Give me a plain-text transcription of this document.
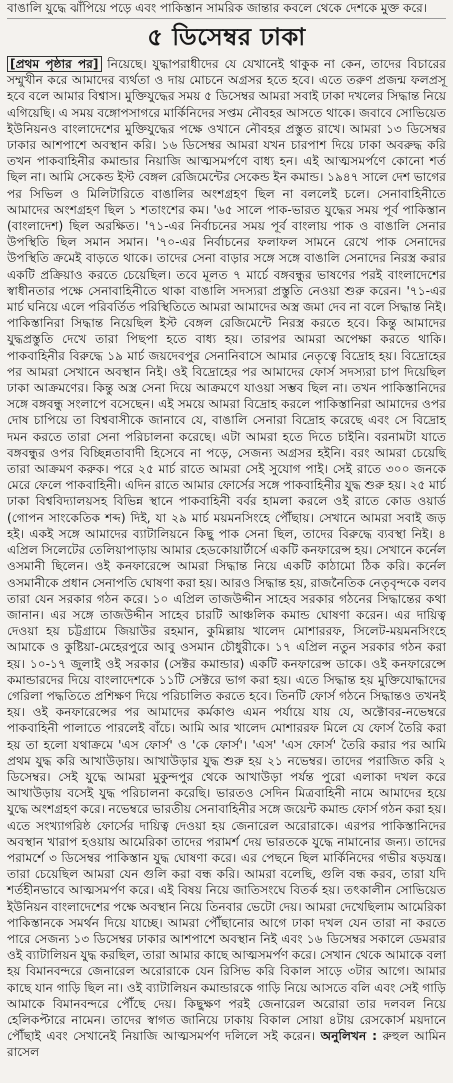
বাঙালি যুদ্ধে ঝাঁপিয়ে পড়ে এবং পাকিস্তান সামরিক জান্তার কবলে থেকে দেশকে মুক্ত করে।
৫ ডিসেম্বর ঢাকা
[প্রথম পৃষ্ঠার পর] নিয়েছে। যুদ্ধাপরাধীদের যে যেখানেই থাকুক না কেন, তাদের বিচারের সম্মুখীন করে আমাদের ব্যর্থতা ও দায় মোচনে অগ্রসর হতে হবে। এতে তরুণ প্রজন্ম ফলপ্রসূ হবে বলে আমার বিশ্বাস। মুক্তিযুদ্ধের সময় ৫ ডিসেম্বর আমরা সবাই ঢাকা দখলের সিদ্ধান্ত নিয়ে এগিয়েছি। এ সময় বঙ্গোপসাগরে মার্কিনিদের সপ্তম নৌবহর আসতে থাকে। জবাবে সোভিয়েত ইউনিয়নও বাংলাদেশের মুক্তিযুদ্ধের পক্ষে ওখানে নৌবহর প্রস্তুত রাখে। আমরা ১৩ ডিসেম্বর ঢাকার আশপাশে অবস্থান করি। ১৬ ডিসেম্বর আমরা যখন চারপাশ দিয়ে ঢাকা অবরুদ্ধ করি তখন পাকবাহিনীর কমান্ডার নিয়াজি আত্মসমর্পণে বাধ্য হন। এই আত্মসমর্পণে কোনো শর্ত ছিল না। আমি সেকেন্ড ইস্ট বেঙ্গল রেজিমেন্টের সেকেন্ড ইন কমান্ড। ১৯৪৭ সালে দেশ ভাগের পর সিভিল ও মিলিটারিতে বাঙালির অংশগ্রহণ ছিল না বললেই চলে। সেনাবাহিনীতে আমাদের অংশগ্রহণ ছিল ১ শতাংশের কম। '৬৫ সালে পাক-ভারত যুদ্ধের সময় পূর্ব পাকিস্তান (বাংলাদেশ) ছিল অরক্ষিত। '৭১-এর নির্বাচনের সময় পূর্ব বাংলায় পাক ও বাঙালি সেনার উপস্থিতি ছিল সমান সমান। '৭০-এর নির্বাচনের ফলাফল সামনে রেখে পাক সেনাদের উপস্থিতি ক্রমেই বাড়তে থাকে। তাদের সেনা বাড়ার সঙ্গে সঙ্গে বাঙালি সেনাদের নিরস্ত্র করার একটি প্রক্রিয়াও করতে চেয়েছিল। তবে মূলত ৭ মার্চে বঙ্গবন্ধুর ভাষণের পরই বাংলাদেশের স্বাধীনতার পক্ষে সেনাবাহিনীতে থাকা বাঙালি সদস্যরা প্রস্তুতি নেওয়া শুরু করেন। '৭১-এর মার্চ ঘনিয়ে এলে পরিবর্তিত পরিস্থিতিতে আমরা আমাদের অস্ত্র জমা দেব না বলে সিদ্ধান্ত নিই। পাকিস্তানিরা সিদ্ধান্ত নিয়েছিল ইস্ট বেঙ্গল রেজিমেন্টে নিরস্ত্র করতে হবে। কিন্তু আমাদের যুদ্ধপ্রস্তুতি দেখে তারা পিছপা হতে বাধ্য হয়। তারপর আমরা অপেক্ষা করতে থাকি। পাকবাহিনীর বিরুদ্ধে ১৯ মার্চ জয়দেবপুর সেনানিবাসে আমার নেতৃত্বে বিদ্রোহ হয়। বিদ্রোহের পর আমরা সেখানে অবস্থান নিই। ওই বিদ্রোহের পর আমাদের ফোর্স সদস্যরা চাপ দিয়েছিল ঢাকা আক্রমণের। কিন্তু অস্ত্র সেনা দিয়ে আক্রমণে যাওয়া সম্ভব ছিল না। তখন পাকিস্তানিদের সঙ্গে বঙ্গবন্ধু সংলাপে বসেছেন। এই সময়ে আমরা বিদ্রোহ করলে পাকিস্তানিরা আমাদের ওপর দোষ চাপিয়ে তা বিশ্ববাসীকে জানাবে যে, বাঙালি সেনারা বিদ্রোহ করেছে এবং সে বিদ্রোহ দমন করতে তারা সেনা পরিচালনা করেছে। এটা আমরা হতে দিতে চাইনি। বরনামটা যাতে বঙ্গবন্ধুর ওপর বিচ্ছিন্নতাবাদী হিসেবে না পড়ে, সেজন্য অগ্রসর হইনি। বরং আমরা চেয়েছি তারা আক্রমণ করুক। পরে ২৫ মার্চ রাতে আমরা সেই সুযোগ পাই। সেই রাতে ৩০০ জনকে মেরে ফেলে পাকবাহিনী। এদিন রাতে আমার ফোর্সের সঙ্গে পাকবাহিনীর যুদ্ধ শুরু হয়। ২৫ মার্চ ঢাকা বিশ্ববিদ্যালয়সহ বিভিন্ন স্থানে পাকবাহিনী বর্বর হামলা করলে ওই রাতে কোড ওয়ার্ড (গোপন সাংকেতিক শব্দ) দিই, যা ২৯ মার্চ ময়মনসিংহে পৌঁছায়। সেখানে আমরা সবাই জড় হই। একই সঙ্গে আমাদের ব্যাটালিয়নে কিছু পাক সেনা ছিল, তাদের বিরুদ্ধে ব্যবস্থা নিই। ৪ এপ্রিল সিলেটের তেলিয়াপাড়ায় আমার হেডকোয়ার্টার্সে একটি কনফারেন্স হয়। সেখানে কর্নেল ওসমানী ছিলেন। ওই কনফারেন্সে আমরা সিদ্ধান্ত নিয়ে একটি কাঠামো ঠিক করি। কর্নেল ওসমানীকে প্রধান সেনাপতি ঘোষণা করা হয়। আরও সিদ্ধান্ত হয়, রাজনৈতিক নেতৃবৃন্দকে বলব তারা যেন সরকার গঠন করে। ১০ এপ্রিল তাজউদ্দীন সাহেব সরকার গঠনের সিদ্ধান্তের কথা জানান। এর সঙ্গে তাজউদ্দীন সাহেব চারটি আঞ্চলিক কমান্ড ঘোষণা করেন। এর দায়িত্ব দেওয়া হয় চট্টগ্রামে জিয়াউর রহমান, কুমিল্লায় খালেদ মোশাররফ, সিলেট-ময়মনসিংহে আমাকে ও কুষ্টিয়া-মেহেরপুরে আবু ওসমান চৌধুরীকে। ১৭ এপ্রিল নতুন সরকার গঠন করা হয়। ১০-১৭ জুলাই ওই সরকার (সেক্টর কমান্ডার) একটি কনফারেন্স ডাকে। ওই কনফারেন্সে কমান্ডারদের দিয়ে বাংলাদেশকে ১১টি সেক্টরে ভাগ করা হয়। এতে সিদ্ধান্ত হয় মুক্তিযোদ্ধাদের গেরিলা পদ্ধতিতে প্রশিক্ষণ দিয়ে পরিচালিত করতে হবে। তিনটি ফোর্স গঠনে সিদ্ধান্তও তখনই হয়। ওই কনফারেন্সের পর আমাদের কর্মকাণ্ড এমন পর্যায়ে যায় যে, অক্টোবর-নভেম্বরে পাকবাহিনী পালাতে পারলেই বাঁচে। আমি আর খালেদ মোশাররফ মিলে যে ফোর্স তৈরি করা হয় তা হলো যথাক্রমে 'এস ফোর্স' ও 'কে ফোর্স'। 'এস' 'এস ফোর্স' তৈরি করার পর আমি প্রথম যুদ্ধ করি আখাউড়ায়। আখাউড়ার যুদ্ধ শুরু হয় ২১ নভেম্বর। তাদের পরাজিত করি ২ ডিসেম্বর। সেই যুদ্ধে আমরা মুকুন্দপুর থেকে আখাউড়া পর্যন্ত পুরো এলাকা দখল করে আখাউড়ায় বসেই যুদ্ধ পরিচালনা করেছি। ভারতও সেদিন মিত্রবাহিনী নামে আমাদের হয়ে যুদ্ধে অংশগ্রহণ করে। নভেম্বরে ভারতীয় সেনাবাহিনীর সঙ্গে জয়েন্ট কমান্ড ফোর্স গঠন করা হয়। এতে সংখ্যাগরিষ্ঠ ফোর্সের দায়িত্ব দেওয়া হয় জেনারেল অরোরাকে। এরপর পাকিস্তানিদের অবস্থান খারাপ হওয়ায় আমেরিকা তাদের পরামর্শ দেয় ভারতকে যুদ্ধে নামানোর জন্য। তাদের পরামর্শে ৩ ডিসেম্বর পাকিস্তান যুদ্ধ ঘোষণা করে। এর পেছনে ছিল মার্কিনিদের গভীর ষড়যন্ত্র। তারা চেয়েছিল আমরা যেন গুলি করা বন্ধ করি। আমরা বলেছি, গুলি বন্ধ করব, তারা যদি শর্তহীনভাবে আত্মসমর্পণ করে। এই বিষয় নিয়ে জাতিসংঘে বিতর্ক হয়। তৎকালীন সোভিয়েত ইউনিয়ন বাংলাদেশের পক্ষে অবস্থান নিয়ে তিনবার ভেটো দেয়। আমরা দেখেছিলাম আমেরিকা পাকিস্তানকে সমর্থন দিয়ে যাচ্ছে। আমরা পৌঁছানোর আগে ঢাকা দখল যেন তারা না করতে পারে সেজন্য ১৩ ডিসেম্বর ঢাকার আশপাশে অবস্থান নিই এবং ১৬ ডিসেম্বর সকালে ডেমরার ওই ব্যাটালিয়ন যুদ্ধ করছিল, তারা আমার কাছে আত্মসমর্পণ করে। সেখান থেকে আমাকে বলা হয় বিমানবন্দরে জেনারেল অরোরাকে যেন রিসিভ করি বিকাল সাড়ে ৩টার আগে। আমার কাছে যান গাড়ি ছিল না। ওই ব্যাটালিয়ন কমান্ডারকে গাড়ি নিয়ে আসতে বলি এবং সেই গাড়ি আমাকে বিমানবন্দরে পৌঁছে দেয়। কিছুক্ষণ পরই জেনারেল অরোরা তার দলবল নিয়ে হেলিকপ্টারে নামেন। তাদের স্বাগত জানিয়ে ঢাকায় বিকাল সোয়া ৪টায় রেসকোর্স ময়দানে পৌঁছাই এবং সেখানেই নিয়াজি আত্মসমর্পণ দলিলে সই করেন। অনুলিখন : রুহুল আমিন রাসেল
